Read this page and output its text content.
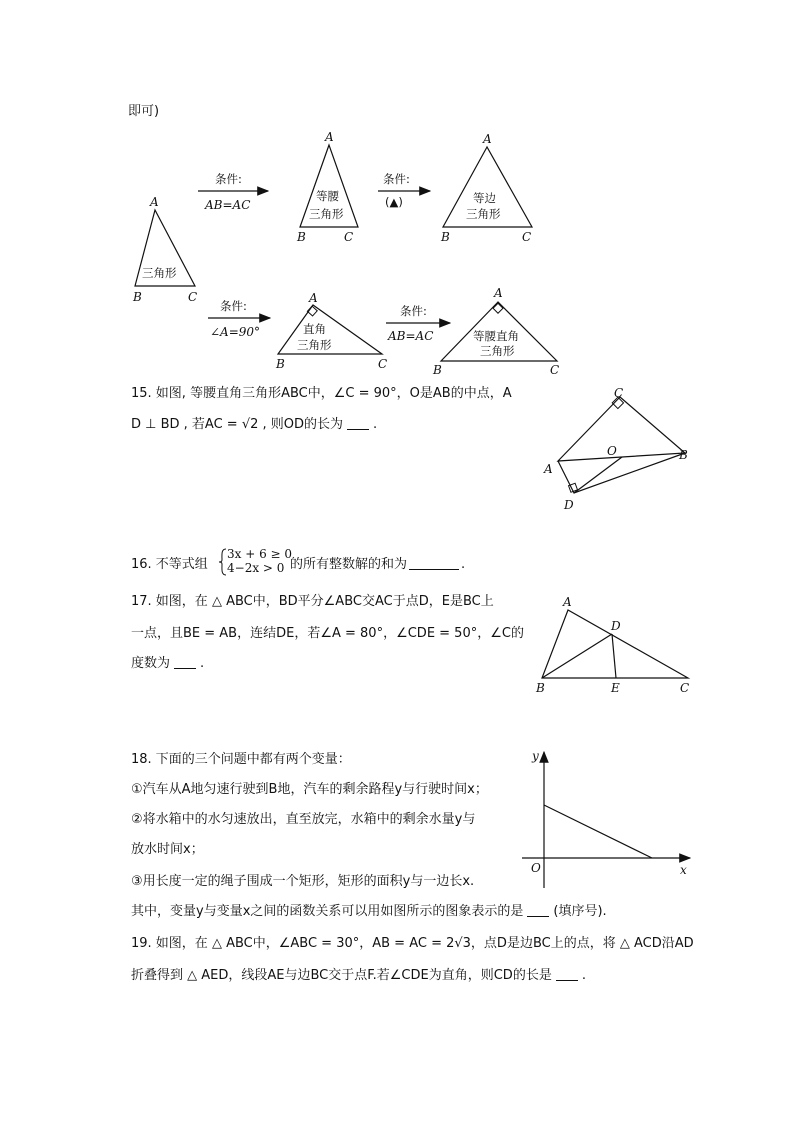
即可)
A
B	C
三角形
条件:
AB=AC
A
B	C
等腰
三角形
条件:
(▲)
A
B	C
等边
三角形
条件:
∠A=90°
A
B	C
直角
三角形
条件:
AB=AC
A
B	C
等腰直角
三角形
15. 如图, 等腰直角三角形ABC中，∠C = 90°，O是AB的中点，A
D ⊥ BD , 若AC = √2 , 则OD的长为 .
C
A
O	B
D
16. 不等式组
3x + 6 ≥ 0
4−2x > 0 的所有整数解的和为	.
17. 如图，在 △ ABC中，BD平分∠ABC交AC于点D，E是BC上
一点，且BE = AB，连结DE，若∠A = 80°，∠CDE = 50°，∠C的
度数为 .
A
D
B	E	C
18. 下面的三个问题中都有两个变量：
①汽车从A地匀速行驶到B地，汽车的剩余路程y与行驶时间x；
②将水箱中的水匀速放出，直至放完，水箱中的剩余水量y与
放水时间x；
③用长度一定的绳子围成一个矩形，矩形的面积y与一边长x.
其中，变量y与变量x之间的函数关系可以用如图所示的图象表示的是 (填序号).
y
x
O
19. 如图，在 △ ABC中，∠ABC = 30°，AB = AC = 2√3，点D是边BC上的点，将 △ ACD沿AD
折叠得到 △ AED，线段AE与边BC交于点F.若∠CDE为直角，则CD的长是 .
